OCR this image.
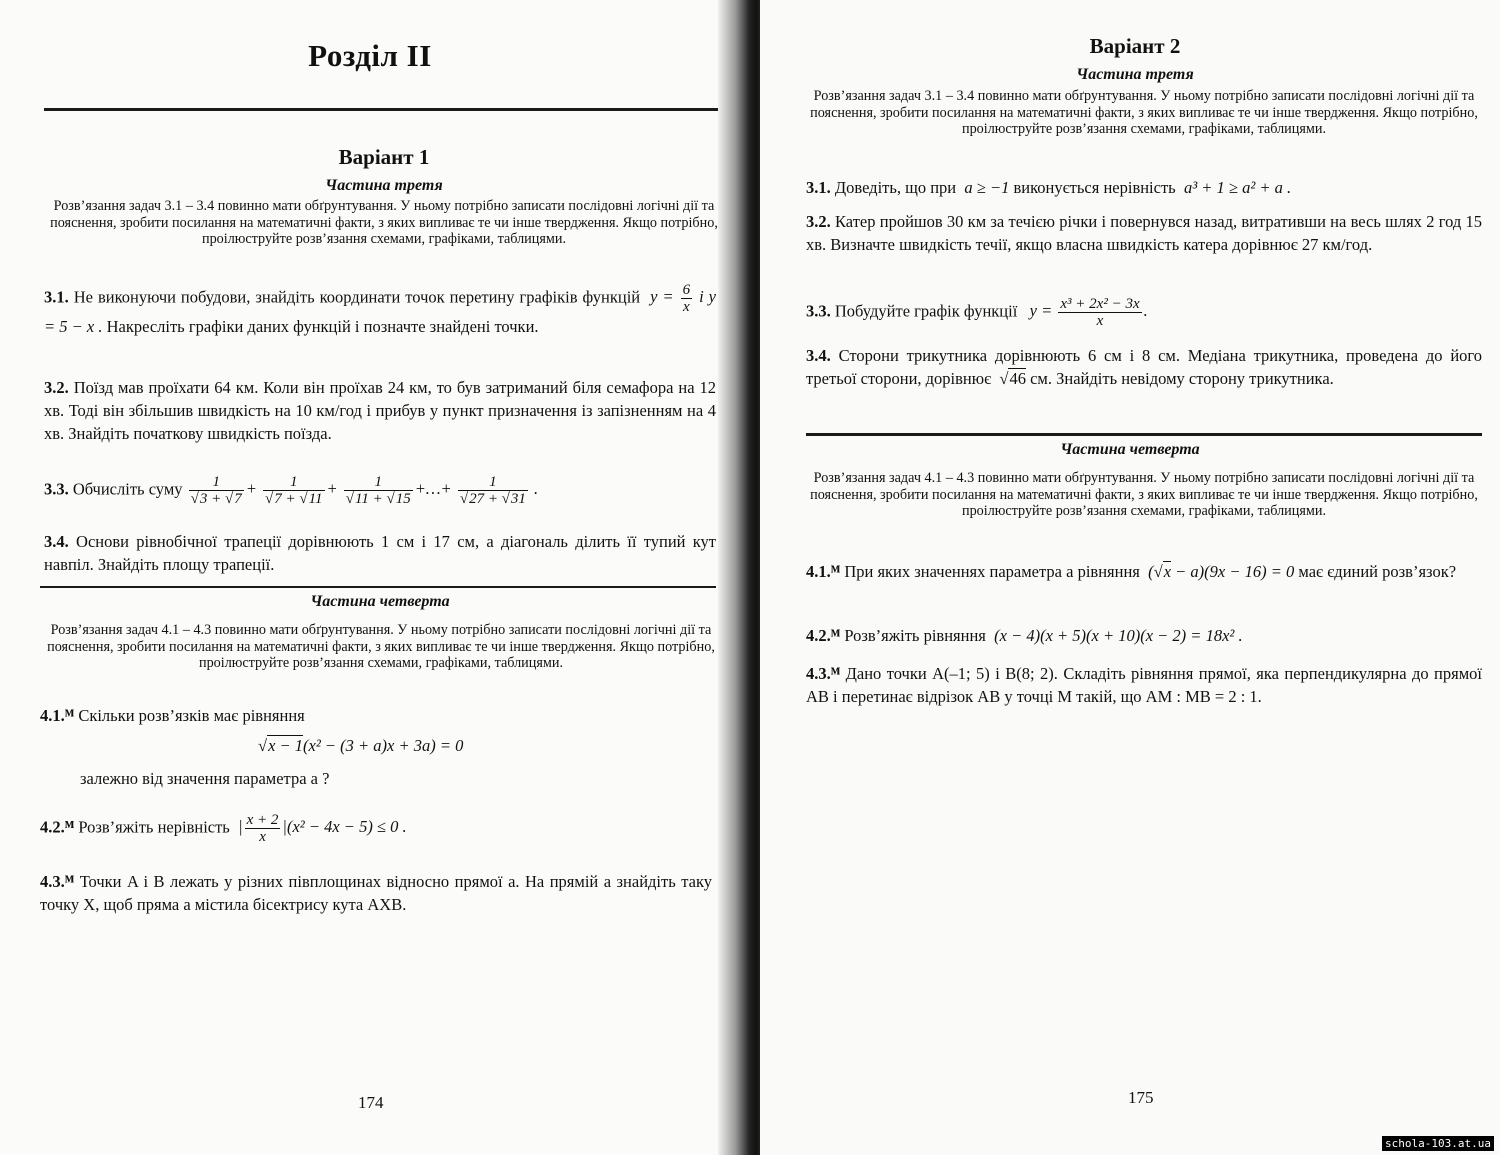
Розділ II
Варіант 1
Частина третя
Розв’язання задач 3.1 – 3.4 повинно мати обґрунтування. У ньому потрібно записати послідовні логічні дії та пояснення, зробити посилання на математичні факти, з яких випливає те чи інше твердження. Якщо потрібно, проілюструйте розв’язання схемами, графіками, таблицями.
3.1. Не виконуючи побудови, знайдіть координати точок перетину графіків функцій  $y = \frac{6}{x}$ і y = 5 − x . Накресліть графіки даних функцій і позначте знайдені точки.
3.2. Поїзд мав проїхати 64 км. Коли він проїхав 24 км, то був затриманий біля семафора на 12 хв. Тоді він збільшив швидкість на 10 км/год і прибув у пункт призначення із запізненням на 4 хв. Знайдіть початкову швидкість поїзда.
3.3. Обчисліть суму $\frac{1}{√3 + √7} + \frac{1}{√7 + √11} + \frac{1}{√11 + √15}$ +…+ $\frac{1}{√27 + √31}$ .
3.4. Основи рівнобічної трапеції дорівнюють 1 см і 17 см, а діагональ ділить її тупий кут навпіл. Знайдіть площу трапеції.
Частина четверта
Розв’язання задач 4.1 – 4.3 повинно мати обґрунтування. У ньому потрібно записати послідовні логічні дії та пояснення, зробити посилання на математичні факти, з яких випливає те чи інше твердження. Якщо потрібно, проілюструйте розв’язання схемами, графіками, таблицями.
4.1.ᴹ Скільки розв’язків має рівняння
√x − 1(x² − (3 + a)x + 3a) = 0
залежно від значення параметра a ?
4.2.ᴹ Розв’яжіть нерівність  | $\frac{x + 2}{x} |(x^2 - 4x - 5) \le 0$ .
4.3.ᴹ Точки A і B лежать у різних півплощинах відносно прямої a. На прямій a знайдіть таку точку X, щоб пряма a містила бісектрису кута AXB.
174
Варіант 2
Частина третя
Розв’язання задач 3.1 – 3.4 повинно мати обґрунтування. У ньому потрібно записати послідовні логічні дії та пояснення, зробити посилання на математичні факти, з яких випливає те чи інше твердження. Якщо потрібно, проілюструйте розв’язання схемами, графіками, таблицями.
3.1. Доведіть, що при  a ≥ −1 виконується нерівність  a³ + 1 ≥ a² + a .
3.2. Катер пройшов 30 км за течією річки і повернувся назад, витративши на весь шлях 2 год 15 хв. Визначте швидкість течії, якщо власна швидкість катера дорівнює 27 км/год.
3.3. Побудуйте графік функції   $y = \frac{\text{x³ + 2x² − 3x}}{x}$ .
3.4. Сторони трикутника дорівнюють 6 см і 8 см. Медіана трикутника, проведена до його третьої сторони, дорівнює  √46 см. Знайдіть невідому сторону трикутника.
Частина четверта
Розв’язання задач 4.1 – 4.3 повинно мати обґрунтування. У ньому потрібно записати послідовні логічні дії та пояснення, зробити посилання на математичні факти, з яких випливає те чи інше твердження. Якщо потрібно, проілюструйте розв’язання схемами, графіками, таблицями.
4.1.ᴹ При яких значеннях параметра a рівняння  (√x − a)(9x − 16) = 0 має єдиний розв’язок?
4.2.ᴹ Розв’яжіть рівняння  (x − 4)(x + 5)(x + 10)(x − 2) = 18x² .
4.3.ᴹ Дано точки A(–1; 5) і B(8; 2). Складіть рівняння прямої, яка перпендикулярна до прямої AB і перетинає відрізок AB у точці M такій, що AM : MB = 2 : 1.
175
schola-103.at.ua
